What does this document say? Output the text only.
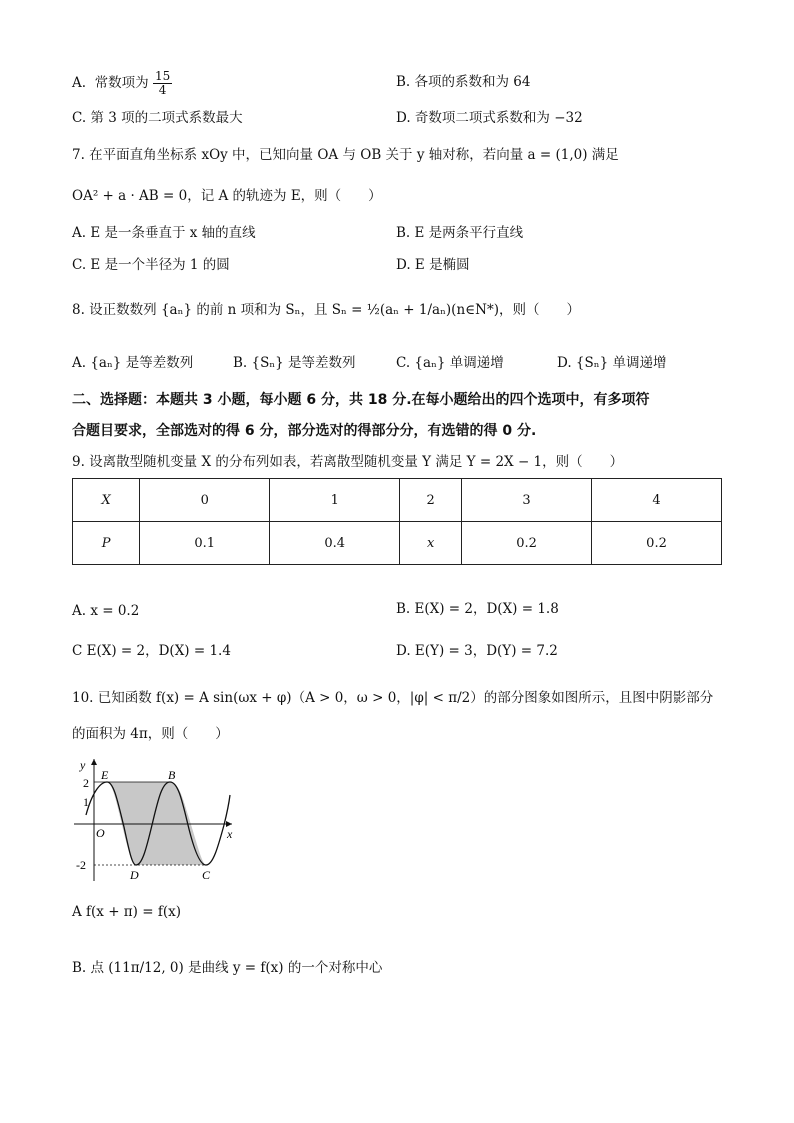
A. 常数项为 $\frac{15}{4}$	B. 各项的系数和为 64
C. 第 3 项的二项式系数最大	D. 奇数项二项式系数和为 −32
7. 在平面直角坐标系 xOy 中，已知向量 OA 与 OB 关于 y 轴对称，若向量 a = (1,0) 满足
OA² + a · AB = 0，记 A 的轨迹为 E，则（　　）
A. E 是一条垂直于 x 轴的直线	B. E 是两条平行直线
C. E 是一个半径为 1 的圆	D. E 是椭圆
8. 设正数数列 {aₙ} 的前 n 项和为 Sₙ，且 Sₙ = ½(aₙ + 1/aₙ)(n∈N*)，则（　　）
A. {aₙ} 是等差数列	B. {Sₙ} 是等差数列	C. {aₙ} 单调递增	D. {Sₙ} 单调递增
二、选择题：本题共 3 小题，每小题 6 分，共 18 分.在每小题给出的四个选项中，有多项符
合题目要求，全部选对的得 6 分，部分选对的得部分分，有选错的得 0 分.
9. 设离散型随机变量 X 的分布列如表，若离散型随机变量 Y 满足 Y = 2X − 1，则（　　）
X	0	1	2	3	4
P	0.1	0.4	x	0.2	0.2
A. x = 0.2	B. E(X) = 2，D(X) = 1.8
C E(X) = 2，D(X) = 1.4	D. E(Y) = 3，D(Y) = 7.2
10. 已知函数 f(x) = A sin(ωx + φ)（A > 0，ω > 0，|φ| < π/2）的部分图象如图所示，且图中阴影部分
的面积为 4π，则（　　）
y
x
O
2
1
-2
E	B
D	C
A f(x + π) = f(x)
B. 点 (11π/12, 0) 是曲线 y = f(x) 的一个对称中心
